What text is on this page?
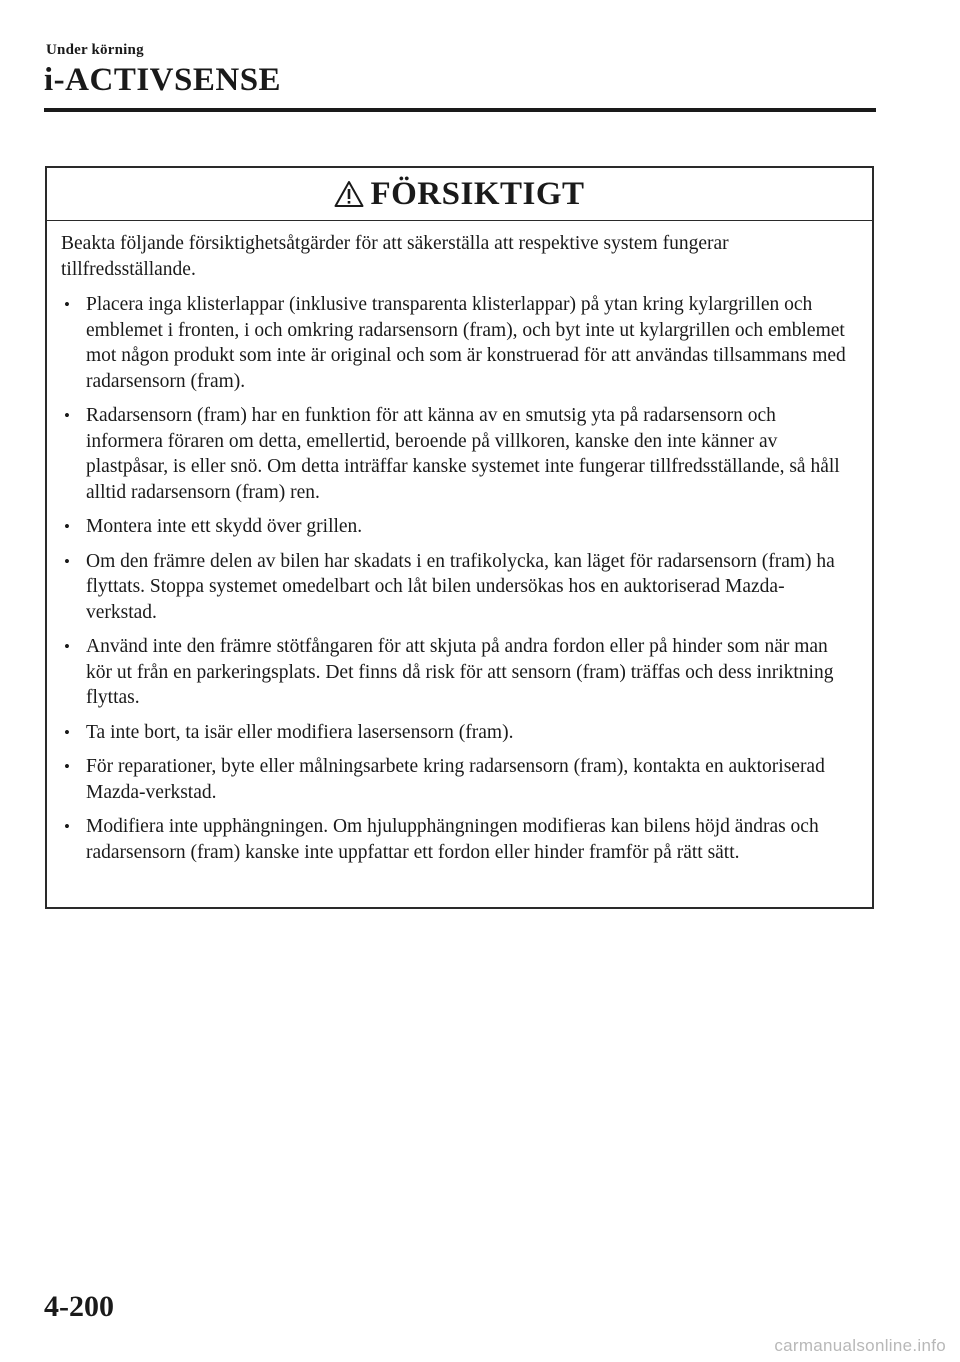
Under körning
i-ACTIVSENSE
FÖRSIKTIGT

Beakta följande försiktighetsåtgärder för att säkerställa att respektive system fungerar tillfredsställande.

• Placera inga klisterlappar (inklusive transparenta klisterlappar) på ytan kring kylargrillen och emblemet i fronten, i och omkring radarsensorn (fram), och byt inte ut kylargrillen och emblemet mot någon produkt som inte är original och som är konstruerad för att användas tillsammans med radarsensorn (fram).
• Radarsensorn (fram) har en funktion för att känna av en smutsig yta på radarsensorn och informera föraren om detta, emellertid, beroende på villkoren, kanske den inte känner av plastpåsar, is eller snö. Om detta inträffar kanske systemet inte fungerar tillfredsställande, så håll alltid radarsensorn (fram) ren.
• Montera inte ett skydd över grillen.
• Om den främre delen av bilen har skadats i en trafikolycka, kan läget för radarsensorn (fram) ha flyttats. Stoppa systemet omedelbart och låt bilen undersökas hos en auktoriserad Mazda-verkstad.
• Använd inte den främre stötfångaren för att skjuta på andra fordon eller på hinder som när man kör ut från en parkeringsplats. Det finns då risk för att sensorn (fram) träffas och dess inriktning flyttas.
• Ta inte bort, ta isär eller modifiera lasersensorn (fram).
• För reparationer, byte eller målningsarbete kring radarsensorn (fram), kontakta en auktoriserad Mazda-verkstad.
• Modifiera inte upphängningen. Om hjulupphängningen modifieras kan bilens höjd ändras och radarsensorn (fram) kanske inte uppfattar ett fordon eller hinder framför på rätt sätt.
4-200
carmanualsonline.info
